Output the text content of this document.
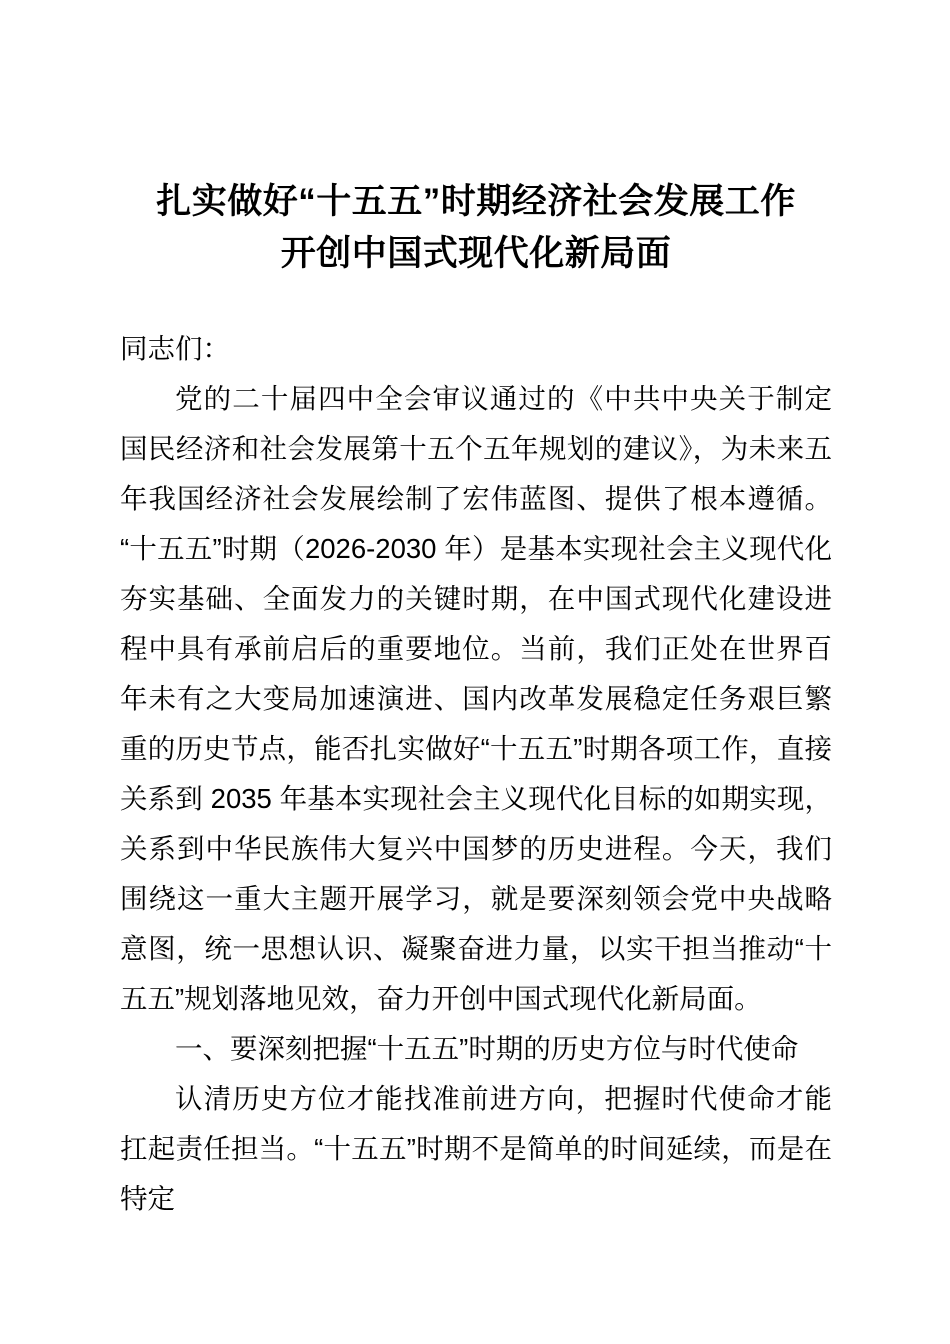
扎实做好“十五五”时期经济社会发展工作
开创中国式现代化新局面

同志们：

党的二十届四中全会审议通过的《中共中央关于制定国民经济和社会发展第十五个五年规划的建议》，为未来五年我国经济社会发展绘制了宏伟蓝图、提供了根本遵循。“十五五”时期（2026-2030 年）是基本实现社会主义现代化夯实基础、全面发力的关键时期，在中国式现代化建设进程中具有承前启后的重要地位。当前，我们正处在世界百年未有之大变局加速演进、国内改革发展稳定任务艰巨繁重的历史节点，能否扎实做好“十五五”时期各项工作，直接关系到 2035 年基本实现社会主义现代化目标的如期实现，关系到中华民族伟大复兴中国梦的历史进程。今天，我们围绕这一重大主题开展学习，就是要深刻领会党中央战略意图，统一思想认识、凝聚奋进力量，以实干担当推动“十五五”规划落地见效，奋力开创中国式现代化新局面。

一、要深刻把握“十五五”时期的历史方位与时代使命

认清历史方位才能找准前进方向，把握时代使命才能扛起责任担当。“十五五”时期不是简单的时间延续，而是在特定
